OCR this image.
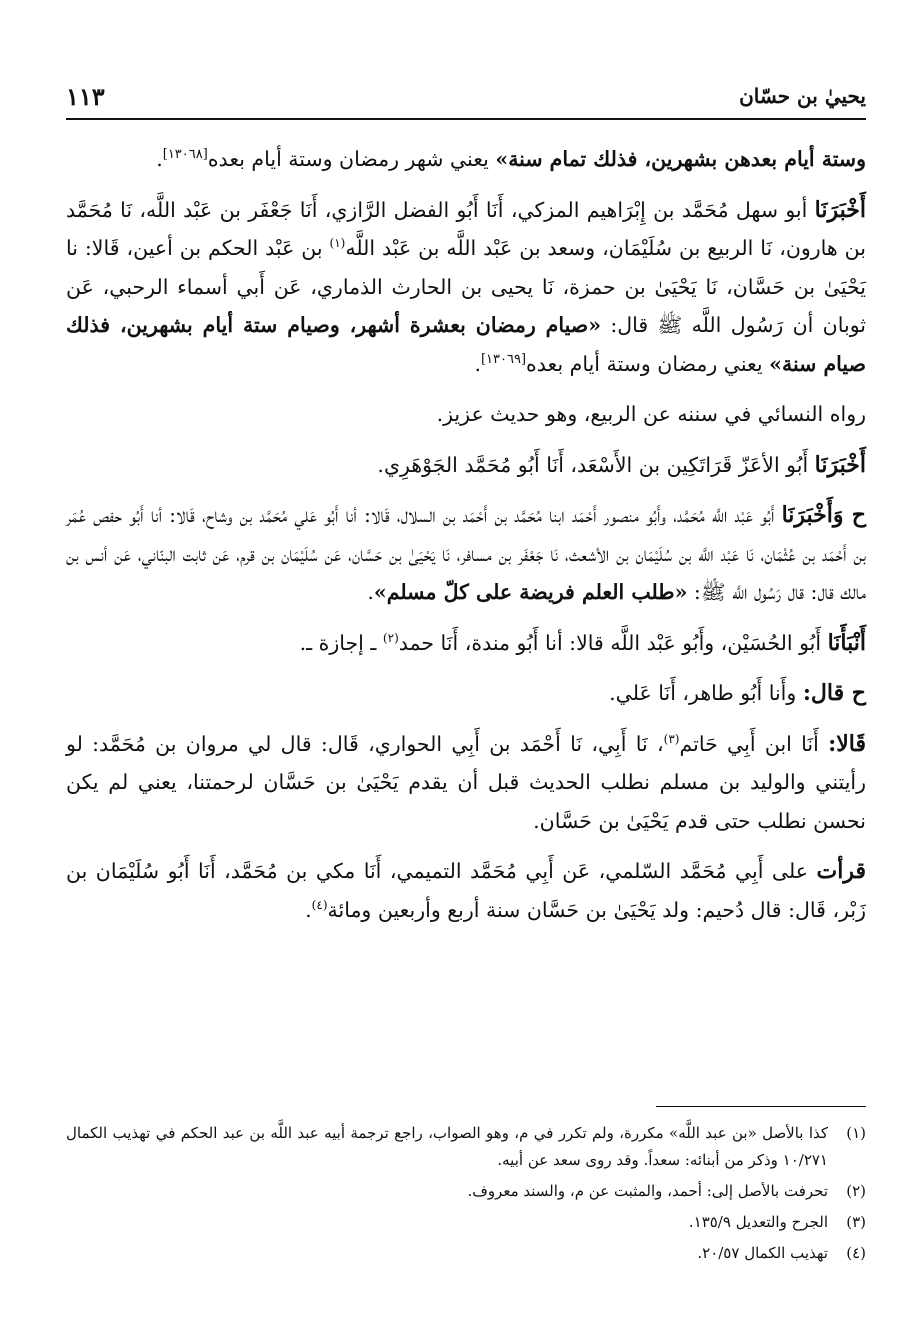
يحييٰ بن حسّان
١١٣

وستة أيام بعدهن بشهرين، فذلك تمام سنة» يعني شهر رمضان وستة أيام بعده[١٣٠٦٨].

أَخْبَرَنَا أبو سهل مُحَمَّد بن إِبْرَاهيم المزكي، أَنَا أَبُو الفضل الرَّازي، أَنَا جَعْفَر بن عَبْد اللَّه، نَا مُحَمَّد بن هارون، نَا الربيع بن سُلَيْمَان، وسعد بن عَبْد اللَّه بن عَبْد اللَّه$^{(١)}$ بن عَبْد الحكم بن أعين، قَالا: نا يَحْيَىٰ بن حَسَّان، نَا يَحْيَىٰ بن حمزة، نَا يحيى بن الحارث الذماري، عَن أَبي أسماء الرحبي، عَن ثوبان أن رَسُول اللَّه ﷺ قال: «صيام رمضان بعشرة أشهر، وصيام ستة أيام بشهرين، فذلك صيام سنة» يعني رمضان وستة أيام بعده[١٣٠٦٩].

رواه النسائي في سننه عن الربيع، وهو حديث عزيز.

أَخْبَرَنَا أَبُو الأعَزّ قَرَاتَكِين بن الأَسْعَد، أَنَا أَبُو مُحَمَّد الجَوْهَرِي.

ح وَأَخْبَرَنَا أَبُو عَبْد اللَّه مُحَمَّد، وأَبُو منصور أَحْمَد ابنا مُحَمَّد بن أَحْمَد بن السلال، قَالا: أنا أَبُو عَلي مُحَمَّد بن وشاح، قَالا: أنا أَبُو حفص عُمَر بن أَحْمَد بن عُثْمَان، نَا عَبْد اللَّه بن سُلَيْمَان بن الأشعث، نَا جَعْفَر بن مسافر، نَا يَحْيَىٰ بن حَسَّان، عَن سُلَيْمَان بن قرم، عَن ثابت البنّاني، عَن أنس بن مالك قال: قال رَسُول اللَّه ﷺ: «طلب العلم فريضة على كلّ مسلم».

أَنْبَأَنَا أَبُو الحُسَيْن، وأَبُو عَبْد اللَّه قالا: أنا أَبُو مندة، أَنَا حمد$^{(٢)}$ ـ إجازة ـ.

ح قال: وأَنا أَبُو طاهر، أَنَا عَلي.

قَالا: أَنَا ابن أَبِي حَاتم$^{(٣)}$، نَا أَبِي، نَا أَحْمَد بن أَبِي الحواري، قَال: قال لي مروان بن مُحَمَّد: لو رأيتني والوليد بن مسلم نطلب الحديث قبل أن يقدم يَحْيَىٰ بن حَسَّان لرحمتنا، يعني لم يكن نحسن نطلب حتى قدم يَحْيَىٰ بن حَسَّان.

قرأت على أَبِي مُحَمَّد السّلمي، عَن أَبِي مُحَمَّد التميمي، أَنَا مكي بن مُحَمَّد، أَنَا أَبُو سُلَيْمَان بن زَبْر، قَال: قال دُحيم: ولد يَحْيَىٰ بن حَسَّان سنة أربع وأربعين ومائة$^{(٤)}$.

(١)
كذا بالأصل «بن عبد اللَّه» مكررة، ولم تكرر في م، وهو الصواب، راجع ترجمة أبيه عبد اللَّه بن عبد الحكم في تهذيب الكمال ١٠/٢٧١ وذكر من أبنائه: سعداً. وقد روى سعد عن أبيه.
(٢)
تحرفت بالأصل إلى: أحمد، والمثبت عن م، والسند معروف.
(٣)
الجرح والتعديل ١٣٥/٩.
(٤)
تهذيب الكمال ٢٠/٥٧.
